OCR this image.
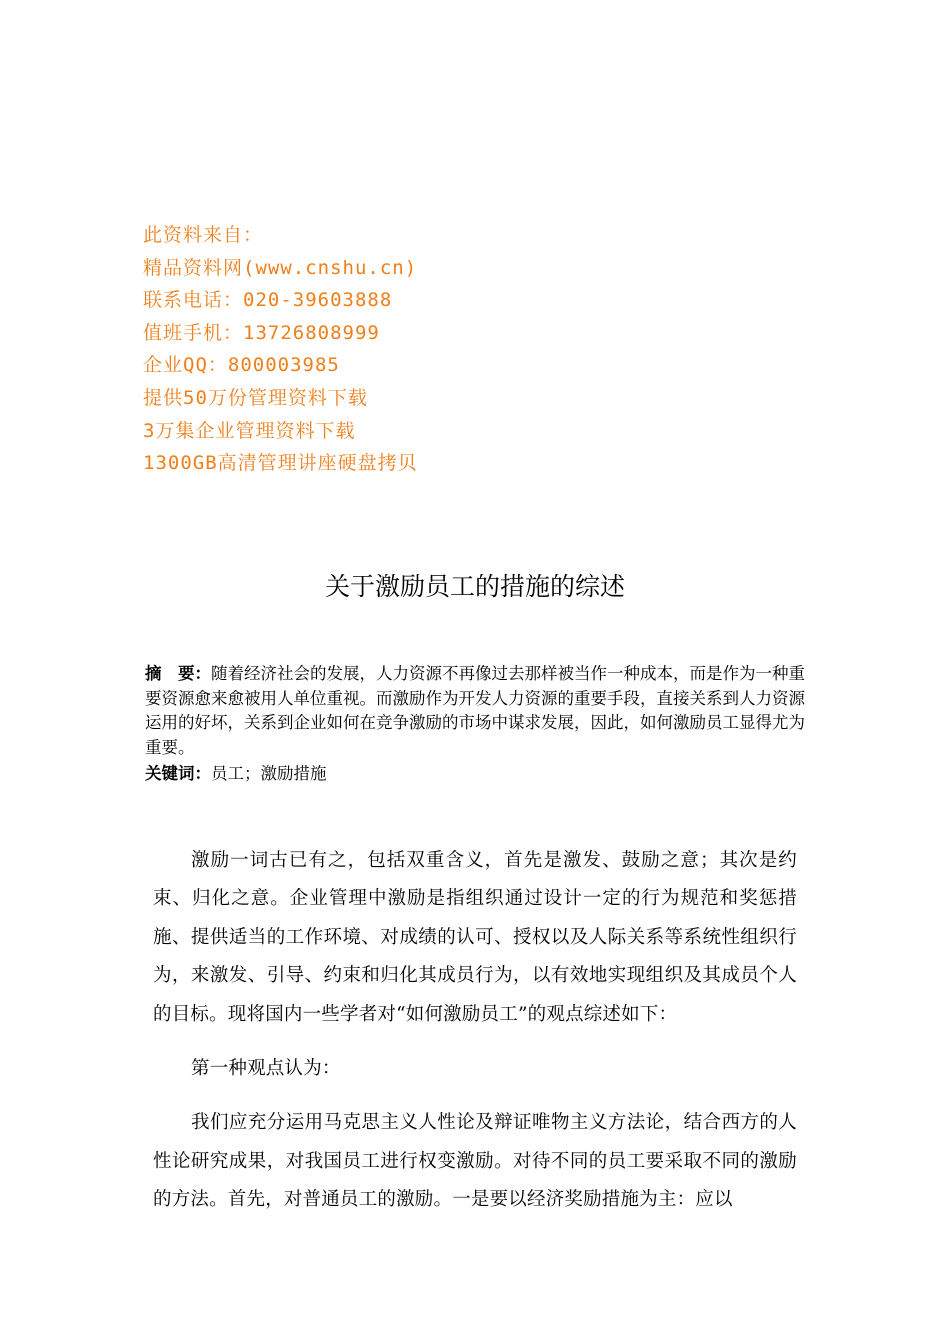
此资料来自：
精品资料网(www.cnshu.cn)
联系电话：020-39603888
值班手机：13726808999
企业QQ：800003985
提供50万份管理资料下载
3万集企业管理资料下载
1300GB高清管理讲座硬盘拷贝
关于激励员工的措施的综述
摘　要：随着经济社会的发展，人力资源不再像过去那样被当作一种成本，而是作为一种重要资源愈来愈被用人单位重视。而激励作为开发人力资源的重要手段，直接关系到人力资源运用的好坏，关系到企业如何在竞争激励的市场中谋求发展，因此，如何激励员工显得尤为重要。
关键词：员工；激励措施

激励一词古已有之，包括双重含义，首先是激发、鼓励之意；其次是约束、归化之意。企业管理中激励是指组织通过设计一定的行为规范和奖惩措施、提供适当的工作环境、对成绩的认可、授权以及人际关系等系统性组织行为，来激发、引导、约束和归化其成员行为，以有效地实现组织及其成员个人的目标。现将国内一些学者对“如何激励员工”的观点综述如下：

第一种观点认为：

我们应充分运用马克思主义人性论及辩证唯物主义方法论，结合西方的人性论研究成果，对我国员工进行权变激励。对待不同的员工要采取不同的激励的方法。首先，对普通员工的激励。一是要以经济奖励措施为主：应以
